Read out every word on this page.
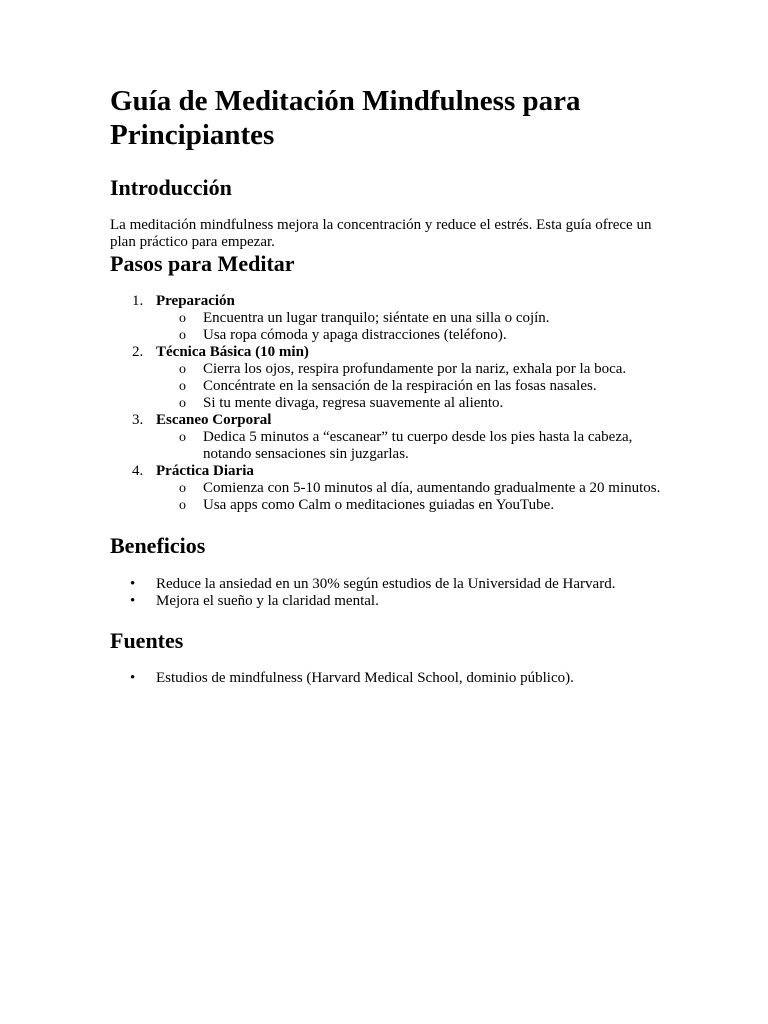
Guía de Meditación Mindfulness para Principiantes
Introducción

La meditación mindfulness mejora la concentración y reduce el estrés. Esta guía ofrece un plan práctico para empezar.

Pasos para Meditar
1. Preparación
o Encuentra un lugar tranquilo; siéntate en una silla o cojín.
o Usa ropa cómoda y apaga distracciones (teléfono).
2. Técnica Básica (10 min)
o Cierra los ojos, respira profundamente por la nariz, exhala por la boca.
o Concéntrate en la sensación de la respiración en las fosas nasales.
o Si tu mente divaga, regresa suavemente al aliento.
3. Escaneo Corporal
o Dedica 5 minutos a “escanear” tu cuerpo desde los pies hasta la cabeza, notando sensaciones sin juzgarlas.
4. Práctica Diaria
o Comienza con 5-10 minutos al día, aumentando gradualmente a 20 minutos.
o Usa apps como Calm o meditaciones guiadas en YouTube.
Beneficios
• Reduce la ansiedad en un 30% según estudios de la Universidad de Harvard.
• Mejora el sueño y la claridad mental.
Fuentes
• Estudios de mindfulness (Harvard Medical School, dominio público).
